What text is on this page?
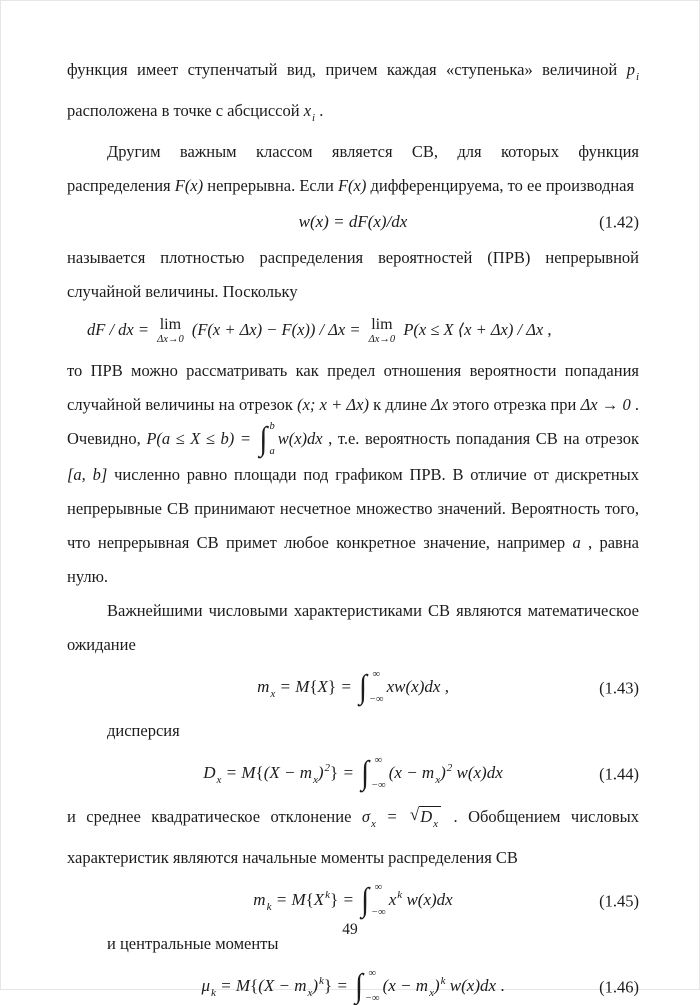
функция имеет ступенчатый вид, причем каждая «ступенька» величиной $p_i$ расположена в точке с абсциссой $x_i$ .

Другим важным классом является СВ, для которых функция распределения F(x) непрерывна. Если F(x) дифференцируема, то ее производная

w(x) = dF(x)/dx	(1.42)

называется плотностью распределения вероятностей (ПРВ) непрерывной случайной величины. Поскольку

dF / dx = lim
Δx→0
(F(x + Δx) − F(x)) / Δx = lim
Δx→0
P(x ≤ X ⟨x + Δx) / Δx ,

то ПРВ можно рассматривать как предел отношения вероятности попадания случайной величины на отрезок (x; x + Δx) к длине Δx этого отрезка при Δx → 0 . Очевидно, P(a ≤ X ≤ b) = ∫ b
a
w(x)dx , т.е. вероятность попадания СВ на отрезок [a, b] численно равно площади под графиком ПРВ. В отличие от дискретных непрерывные СВ принимают несчетное множество значений. Вероятность того, что непрерывная СВ примет любое конкретное значение, например a , равна нулю.

Важнейшими числовыми характеристиками СВ являются математическое ожидание

$m_x = M\{X\}$ = ∫ ∞
−∞
xw(x)dx ,	(1.43)

дисперсия

$D_x = M\{(X - m_x)^2\}$ = ∫ ∞
−∞
$(x - m_x)^2$ w(x)dx	(1.44)

и среднее квадратическое отклонение $\sigma_x$ = √ $D_x$ . Обобщением числовых характеристик являются начальные моменты распределения СВ

$m_k = M\{X^k\}$ = ∫ ∞
−∞
$x^k$ w(x)dx	(1.45)

и центральные моменты

$\mu_k = M\{(X - m_x)^k\}$ = ∫ ∞
−∞
$(x - m_x)^k$ w(x)dx .	(1.46)
49
